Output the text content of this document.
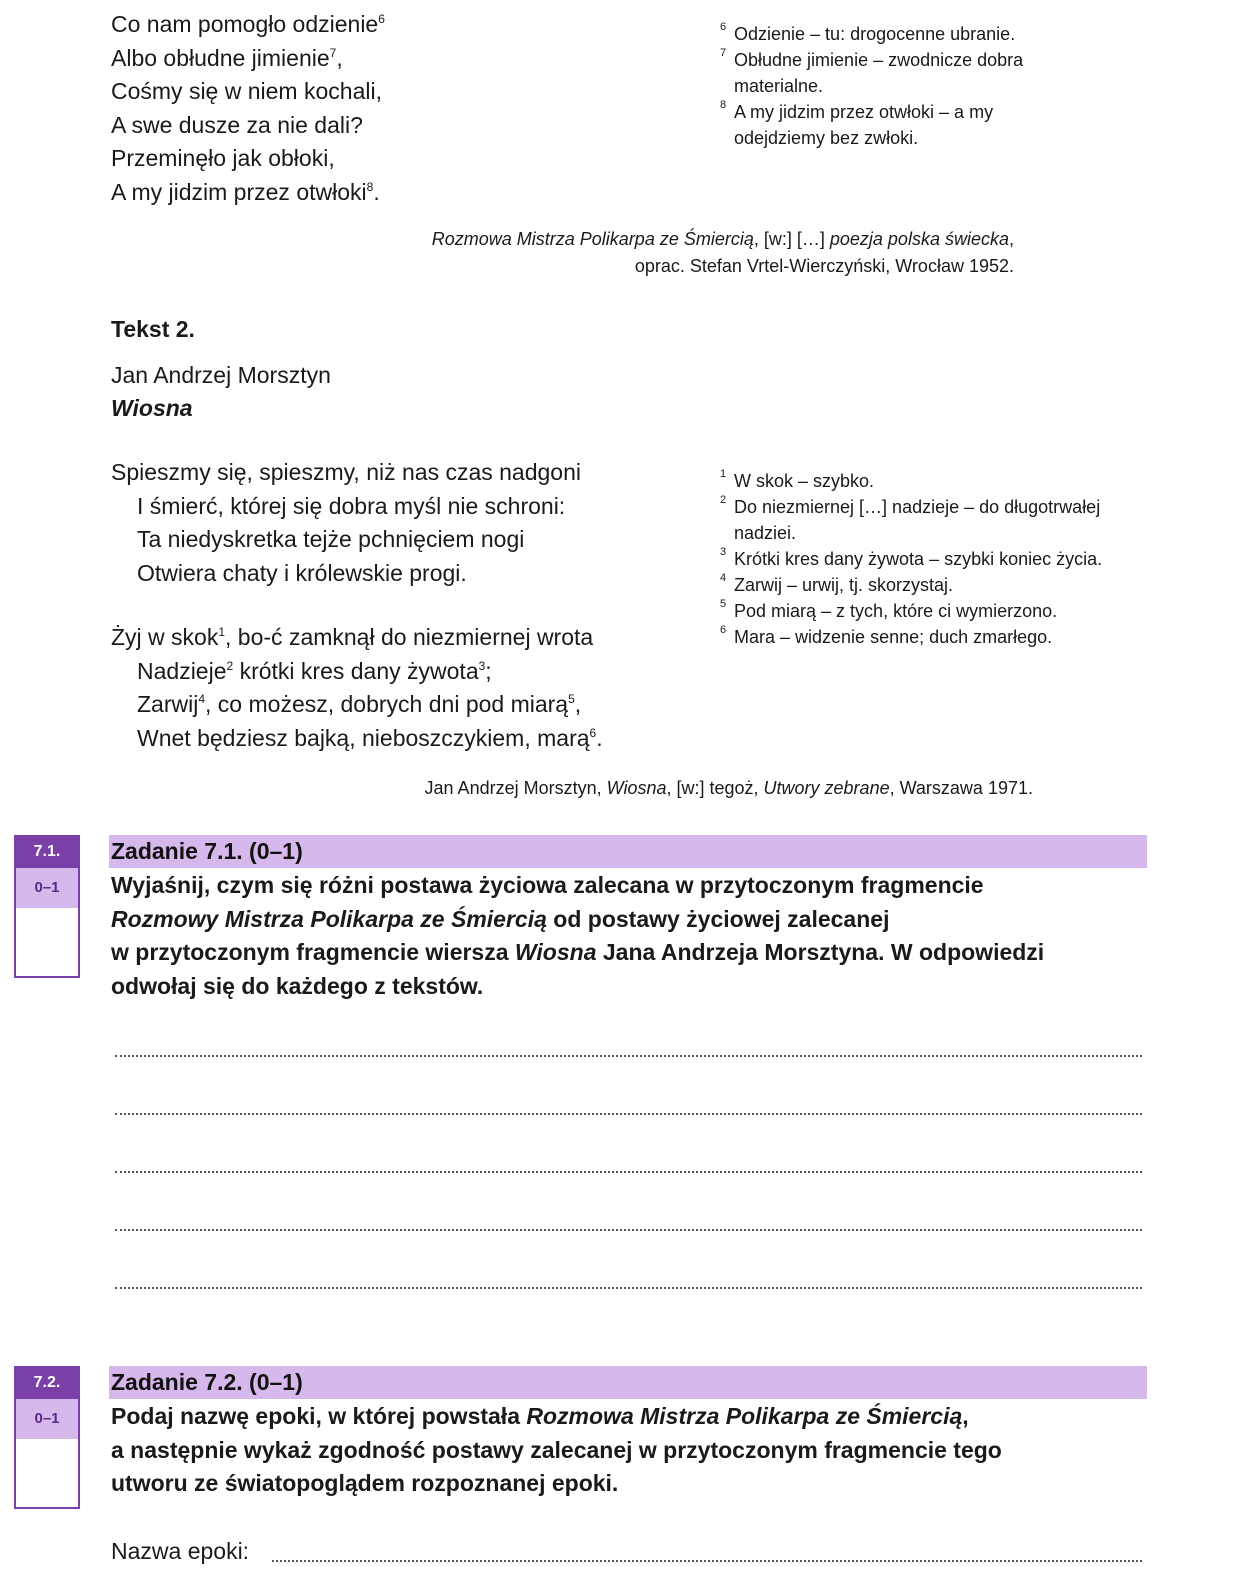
Co nam pomogło odzienie$^6$
Albo obłudne jimienie$^7$,
Cośmy się w niem kochali,
A swe dusze za nie dali?
Przeminęło jak obłoki,
A my jidzim przez otwłoki$^8$.
6 Odzienie – tu: drogocenne ubranie.
7 Obłudne jimienie – zwodnicze dobra materialne.
8 A my jidzim przez otwłoki – a my odejdziemy bez zwłoki.
Rozmowa Mistrza Polikarpa ze Śmiercią, [w:] […] poezja polska świecka,
oprac. Stefan Vrtel-Wierczyński, Wrocław 1952.
Tekst 2.
Jan Andrzej Morsztyn
Wiosna
Spieszmy się, spieszmy, niż nas czas nadgoni
I śmierć, której się dobra myśl nie schroni:
Ta niedyskretka tejże pchnięciem nogi
Otwiera chaty i królewskie progi.
Żyj w skok$^1$, bo-ć zamknął do niezmiernej wrota
Nadzieje$^2$ krótki kres dany żywota$^3$;
Zarwij$^4$, co możesz, dobrych dni pod miarą$^5$,
Wnet będziesz bajką, nieboszczykiem, marą$^6$.
1 W skok – szybko.
2 Do niezmiernej […] nadzieje – do długotrwałej nadziei.
3 Krótki kres dany żywota – szybki koniec życia.
4 Zarwij – urwij, tj. skorzystaj.
5 Pod miarą – z tych, które ci wymierzono.
6 Mara – widzenie senne; duch zmarłego.
Jan Andrzej Morsztyn, Wiosna, [w:] tegoż, Utwory zebrane, Warszawa 1971.
7.1.
0–1
Zadanie 7.1. (0–1)
Wyjaśnij, czym się różni postawa życiowa zalecana w przytoczonym fragmencie
Rozmowy Mistrza Polikarpa ze Śmiercią od postawy życiowej zalecanej
w przytoczonym fragmencie wiersza Wiosna Jana Andrzeja Morsztyna. W odpowiedzi
odwołaj się do każdego z tekstów.
7.2.
0–1
Zadanie 7.2. (0–1)
Podaj nazwę epoki, w której powstała Rozmowa Mistrza Polikarpa ze Śmiercią,
a następnie wykaż zgodność postawy zalecanej w przytoczonym fragmencie tego
utworu ze światopoglądem rozpoznanej epoki.
Nazwa epoki:
